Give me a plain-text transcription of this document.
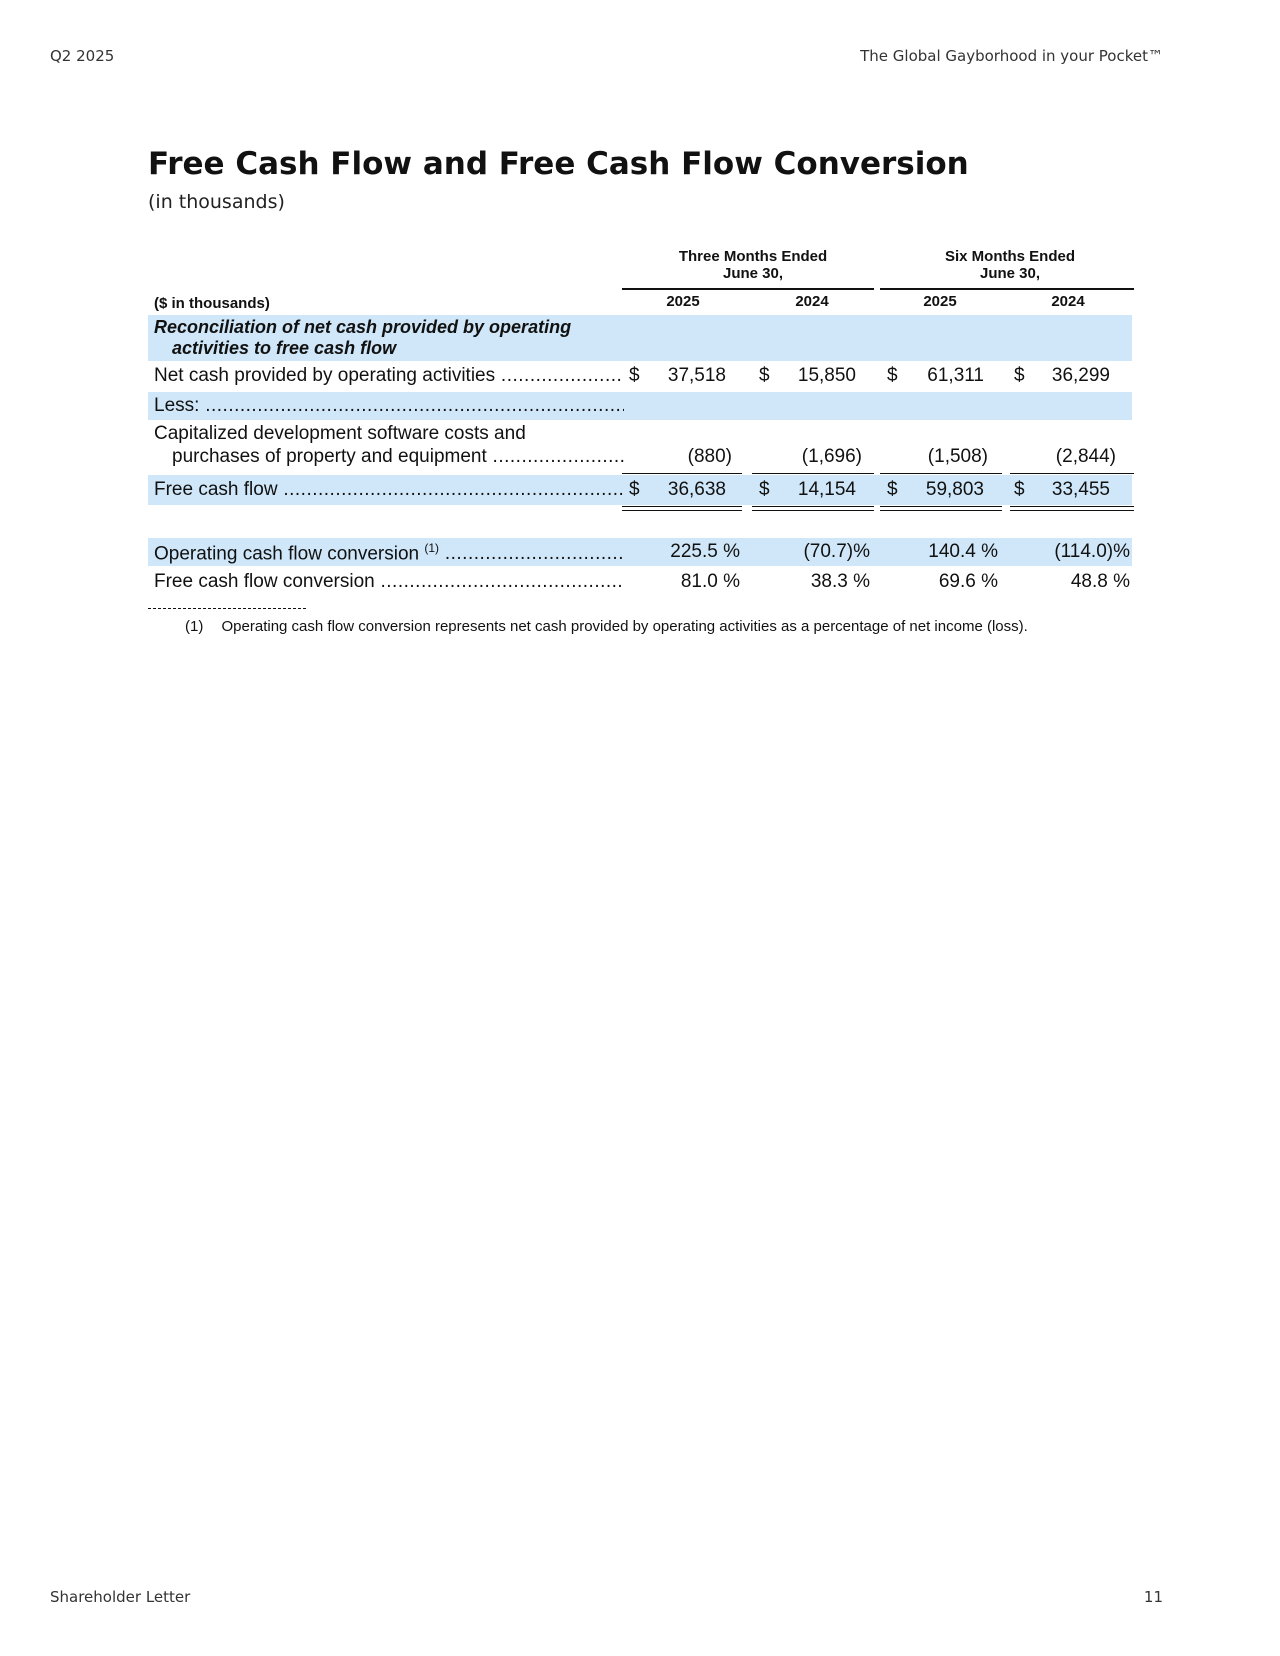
Q2 2025	The Global Gayborhood in your Pocket™
Free Cash Flow and Free Cash Flow Conversion
(in thousands)
Three Months Ended
June 30,
Six Months Ended
June 30,
($ in thousands)	2025	2024	2025	2024
Reconciliation of net cash provided by operating
activities to free cash flow
Net cash provided by operating activities .....	$ 37,518 $ 15,850 $ 61,311 $ 36,299
Less: .....
Capitalized development software costs and
purchases of property and equipment .....	(880)	(1,696)	(1,508)	(2,844)
Free cash flow .....	$ 36,638 $ 14,154 $ 59,803 $ 33,455
Operating cash flow conversion $^{(1)}$ .....	225.5 %	(70.7)%	140.4 %	(114.0)%
Free cash flow conversion .....	81.0 %	38.3 %	69.6 %	48.8 %
(1) Operating cash flow conversion represents net cash provided by operating activities as a percentage of net income (loss).
Shareholder Letter	11
